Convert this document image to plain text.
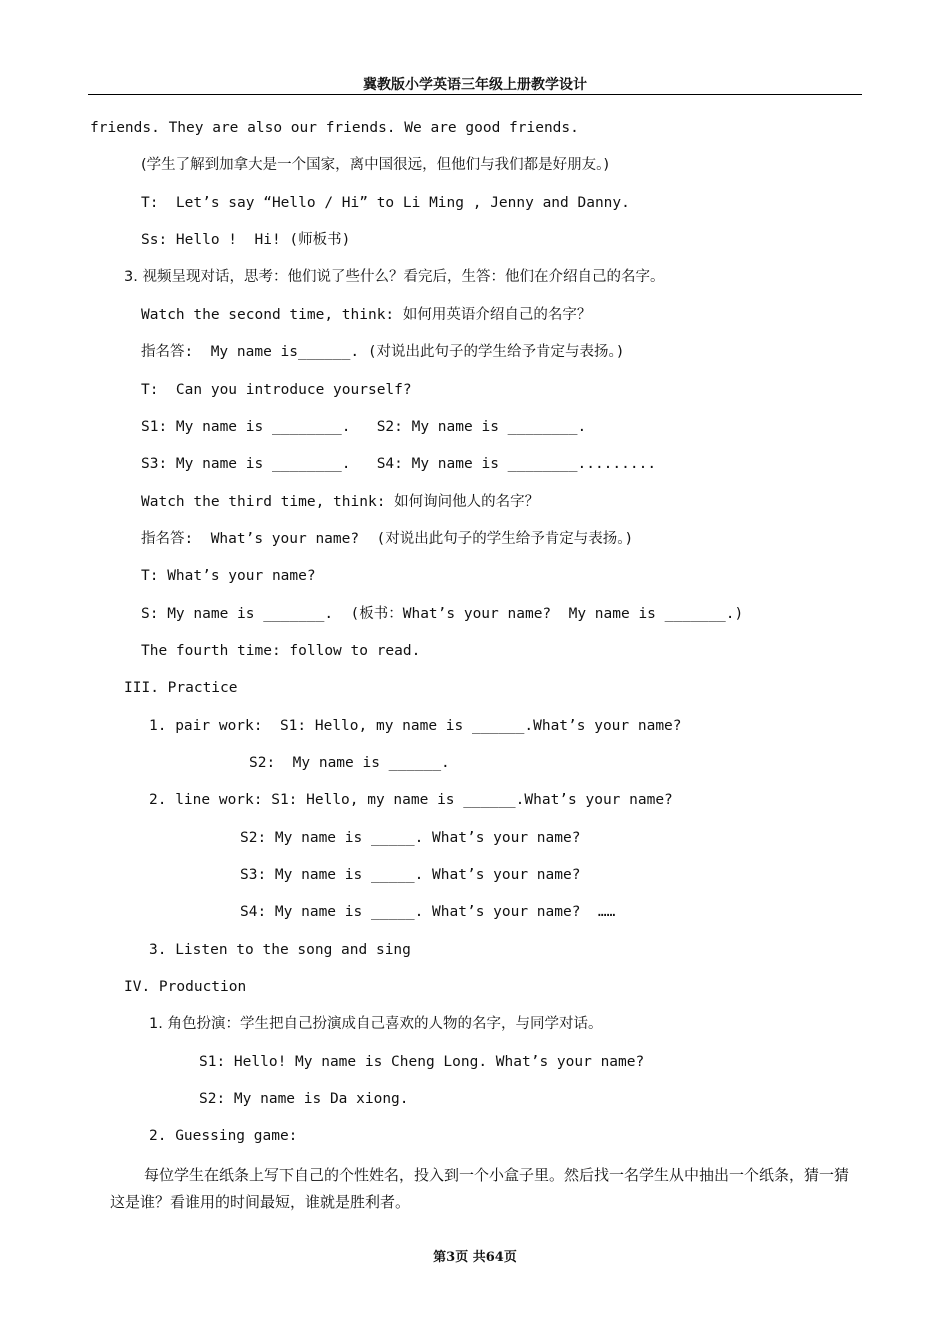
冀教版小学英语三年级上册教学设计
friends. They are also our friends. We are good friends.
(学生了解到加拿大是一个国家，离中国很远，但他们与我们都是好朋友。)
T:  Let’s say “Hello / Hi” to Li Ming , Jenny and Danny.
Ss: Hello !  Hi! (师板书)
3. 视频呈现对话，思考：他们说了些什么？看完后，生答：他们在介绍自己的名字。
Watch the second time, think: 如何用英语介绍自己的名字？
指名答:  My name is______. (对说出此句子的学生给予肯定与表扬。)
T:  Can you introduce yourself?
S1: My name is ________.   S2: My name is ________.
S3: My name is ________.   S4: My name is ________.........
Watch the third time, think: 如何询问他人的名字？
指名答:  What’s your name?  (对说出此句子的学生给予肯定与表扬。)
T: What’s your name?
S: My name is _______.  (板书：What’s your name?  My name is _______.)
The fourth time: follow to read.
III. Practice
1. pair work:  S1: Hello, my name is ______.What’s your name?
S2:  My name is ______.
2. line work: S1: Hello, my name is ______.What’s your name?
S2: My name is _____. What’s your name?
S3: My name is _____. What’s your name?
S4: My name is _____. What’s your name?  ……
3. Listen to the song and sing
IV. Production
1. 角色扮演：学生把自己扮演成自己喜欢的人物的名字，与同学对话。
S1: Hello! My name is Cheng Long. What’s your name?
S2: My name is Da xiong.
2. Guessing game:
每位学生在纸条上写下自己的个性姓名，投入到一个小盒子里。然后找一名学生从中抽出一个纸条，猜一猜这是谁？看谁用的时间最短，谁就是胜利者。
第3页 共64页
